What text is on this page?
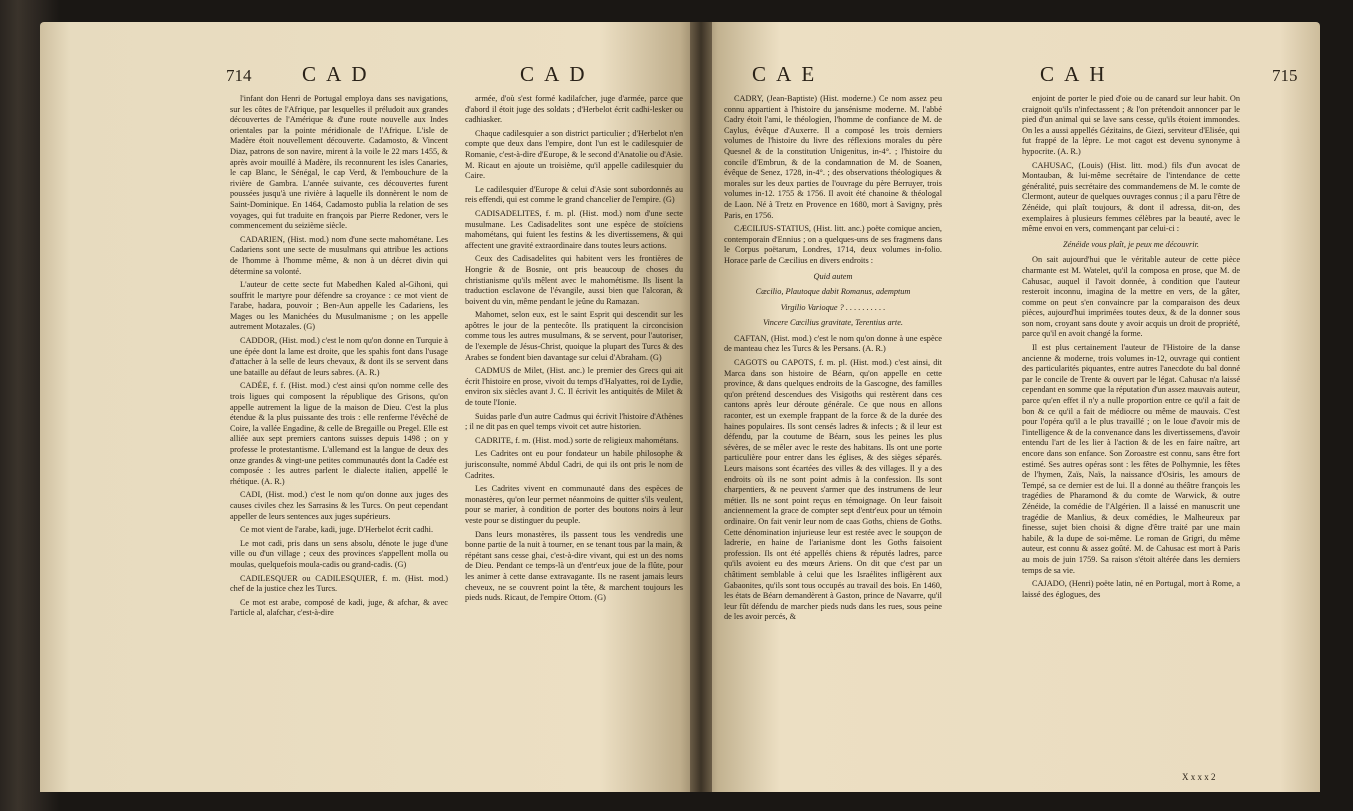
714 C A D	C A D

l'infant don Henri de Portugal employa dans ses navigations, sur les côtes de l'Afrique, par lesquelles il préludoit aux grandes découvertes de l'Amérique & d'une route nouvelle aux Indes orientales par la pointe méridionale de l'Afrique. L'isle de Madère étoit nouvellement découverte. Cadamosto, & Vincent Diaz, patrons de son navire, mirent à la voile le 22 mars 1455, & après avoir mouillé à Madère, ils reconnurent les isles Canaries, le cap Blanc, le Sénégal, le cap Verd, & l'embouchure de la rivière de Gambra. L'année suivante, ces découvertes furent poussées jusqu'à une rivière à laquelle ils donnèrent le nom de Saint-Dominique. En 1464, Cadamosto publia la relation de ses voyages, qui fut traduite en françois par Pierre Redoner, vers le commencement du seizième siècle.

CADARIEN, (Hist. mod.) nom d'une secte mahométane. Les Cadariens sont une secte de musulmans qui attribue les actions de l'homme à l'homme même, & non à un décret divin qui détermine sa volonté.

L'auteur de cette secte fut Mabedhen Kaled al-Gihoni, qui souffrit le martyre pour défendre sa croyance : ce mot vient de l'arabe, hadara, pouvoir ; Ben-Aun appelle les Cadariens, les Mages ou les Manichées du Musulmanisme ; on les appelle autrement Motazales. (G)

CADDOR, (Hist. mod.) c'est le nom qu'on donne en Turquie à une épée dont la lame est droite, que les spahis font dans l'usage d'attacher à la selle de leurs chevaux, & dont ils se servent dans une bataille au défaut de leurs sabres. (A. R.)

CADÉE, f. f. (Hist. mod.) c'est ainsi qu'on nomme celle des trois ligues qui composent la république des Grisons, qu'on appelle autrement la ligue de la maison de Dieu. C'est la plus étendue & la plus puissante des trois : elle renferme l'évêché de Coire, la vallée Engadine, & celle de Bregaille ou Pregel. Elle est alliée aux sept premiers cantons suisses depuis 1498 ; on y professe le protestantisme. L'allemand est la langue de deux des onze grandes & vingt-une petites communautés dont la Cadée est composée : les autres parlent le dialecte italien, appellé le rhétique. (A. R.)

CADI, (Hist. mod.) c'est le nom qu'on donne aux juges des causes civiles chez les Sarrasins & les Turcs. On peut cependant appeller de leurs sentences aux juges supérieurs.

Ce mot vient de l'arabe, kadi, juge. D'Herbelot écrit cadhi.

Le mot cadi, pris dans un sens absolu, dénote le juge d'une ville ou d'un village ; ceux des provinces s'appellent molla ou moulas, quelquefois moula-cadis ou grand-cadis. (G)

CADILESQUER ou CADILESQUIER, f. m. (Hist. mod.) chef de la justice chez les Turcs.

Ce mot est arabe, composé de kadi, juge, & afchar, & avec l'article al, alafchar, c'est-à-dire

armée, d'où s'est formé kadilafcher, juge d'armée, parce que d'abord il étoit juge des soldats ; d'Herbelot écrit cadhi-lesker ou cadhiasker.

Chaque cadilesquier a son district particulier ; d'Herbelot n'en compte que deux dans l'empire, dont l'un est le cadilesquier de Romanie, c'est-à-dire d'Europe, & le second d'Anatolie ou d'Asie. M. Ricaut en ajoute un troisième, qu'il appelle cadilesquier du Caire.

Le cadilesquier d'Europe & celui d'Asie sont subordonnés au reis effendi, qui est comme le grand chancelier de l'empire. (G)

CADISADELITES, f. m. pl. (Hist. mod.) nom d'une secte musulmane. Les Cadisadelites sont une espèce de stoïciens mahométans, qui fuient les festins & les divertissemens, & qui affectent une gravité extraordinaire dans toutes leurs actions.

Ceux des Cadisadelites qui habitent vers les frontières de Hongrie & de Bosnie, ont pris beaucoup de choses du christianisme qu'ils mêlent avec le mahométisme. Ils lisent la traduction esclavone de l'évangile, aussi bien que l'alcoran, & boivent du vin, même pendant le jeûne du Ramazan.

Mahomet, selon eux, est le saint Esprit qui descendit sur les apôtres le jour de la pentecôte. Ils pratiquent la circoncision comme tous les autres musulmans, & se servent, pour l'autoriser, de l'exemple de Jésus-Christ, quoique la plupart des Turcs & des Arabes se fondent bien davantage sur celui d'Abraham. (G)

CADMUS de Milet, (Hist. anc.) le premier des Grecs qui ait écrit l'histoire en prose, vivoit du temps d'Halyattes, roi de Lydie, environ six siècles avant J. C. Il écrivit les antiquités de Milet & de toute l'Ionie.

Suidas parle d'un autre Cadmus qui écrivit l'histoire d'Athènes ; il ne dit pas en quel temps vivoit cet autre historien.

CADRITE, f. m. (Hist. mod.) sorte de religieux mahométans.

Les Cadrites ont eu pour fondateur un habile philosophe & jurisconsulte, nommé Abdul Cadri, de qui ils ont pris le nom de Cadrites.

Les Cadrites vivent en communauté dans des espèces de monastères, qu'on leur permet néanmoins de quitter s'ils veulent, pour se marier, à condition de porter des boutons noirs à leur veste pour se distinguer du peuple.

Dans leurs monastères, ils passent tous les vendredis une bonne partie de la nuit à tourner, en se tenant tous par la main, & répétant sans cesse ghai, c'est-à-dire vivant, qui est un des noms de Dieu. Pendant ce temps-là un d'entr'eux joue de la flûte, pour les animer à cette danse extravagante. Ils ne rasent jamais leurs cheveux, ne se couvrent point la tête, & marchent toujours les pieds nuds. Ricaut, de l'empire Ottom. (G)

C A E	C A H	715

CADRY, (Jean-Baptiste) (Hist. moderne.) Ce nom assez peu connu appartient à l'histoire du jansénisme moderne. M. l'abbé Cadry étoit l'ami, le théologien, l'homme de confiance de M. de Caylus, évêque d'Auxerre. Il a composé les trois derniers volumes de l'histoire du livre des réflexions morales du père Quesnel & de la constitution Unigenitus, in-4°. ; l'histoire du concile d'Embrun, & de la condamnation de M. de Soanen, évêque de Senez, 1728, in-4°. ; des observations théologiques & morales sur les deux parties de l'ouvrage du père Berruyer, trois volumes in-12. 1755 & 1756. Il avoit été chanoine & théologal de Laon. Né à Tretz en Provence en 1680, mort à Savigny, près Paris, en 1756.

CÆCILIUS-STATIUS, (Hist. litt. anc.) poëte comique ancien, contemporain d'Ennius ; on a quelques-uns de ses fragmens dans le Corpus poëtarum, Londres, 1714, deux volumes in-folio. Horace parle de Cæcilius en divers endroits :

Quid autem

Cæcilio, Plautoque dabit Romanus, ademptum

Virgilio Varioque ? . . . . . . . . . .

Vincere Cæcilius gravitate, Terentius arte.

CAFTAN, (Hist. mod.) c'est le nom qu'on donne à une espèce de manteau chez les Turcs & les Persans. (A. R.)

CAGOTS ou CAPOTS, f. m. pl. (Hist. mod.) c'est ainsi, dit Marca dans son histoire de Béarn, qu'on appelle en cette province, & dans quelques endroits de la Gascogne, des familles qu'on prétend descendues des Visigoths qui restèrent dans ces cantons après leur déroute générale. Ce que nous en allons raconter, est un exemple frappant de la force & de la durée des haines populaires. Ils sont censés ladres & infects ; & il leur est défendu, par la coutume de Béarn, sous les peines les plus sévères, de se mêler avec le reste des habitans. Ils ont une porte particulière pour entrer dans les églises, & des sièges séparés. Leurs maisons sont écartées des villes & des villages. Il y a des endroits où ils ne sont point admis à la confession. Ils sont charpentiers, & ne peuvent s'armer que des instrumens de leur métier. Ils ne sont point reçus en témoignage. On leur faisoit anciennement la grace de compter sept d'entr'eux pour un témoin ordinaire. On fait venir leur nom de caas Goths, chiens de Goths. Cette dénomination injurieuse leur est restée avec le soupçon de ladrerie, en haine de l'arianisme dont les Goths faisoient profession. Ils ont été appellés chiens & réputés ladres, parce qu'ils avoient eu des mœurs Ariens. On dit que c'est par un châtiment semblable à celui que les Israélites infligèrent aux Gabaonites, qu'ils sont tous occupés au travail des bois. En 1460, les états de Béarn demandèrent à Gaston, prince de Navarre, qu'il leur fût défendu de marcher pieds nuds dans les rues, sous peine de les avoir percés, &

enjoint de porter le pied d'oie ou de canard sur leur habit. On craignoit qu'ils n'infectassent ; & l'on prétendoit annoncer par le pied d'un animal qui se lave sans cesse, qu'ils étoient immondes. On les a aussi appellés Gézitains, de Giezi, serviteur d'Elisée, qui fut frappé de la lèpre. Le mot cagot est devenu synonyme à hypocrite. (A. R.)

CAHUSAC, (Louis) (Hist. litt. mod.) fils d'un avocat de Montauban, & lui-même secrétaire de l'intendance de cette généralité, puis secrétaire des commandemens de M. le comte de Clermont, auteur de quelques ouvrages connus ; il a paru l'être de Zénéide, qui plaît toujours, & dont il adressa, dit-on, des exemplaires à plusieurs femmes célèbres par la beauté, avec le même envoi en vers, commençant par celui-ci :

Zénéide vous plaît, je peux me découvrir.

On sait aujourd'hui que le véritable auteur de cette pièce charmante est M. Watelet, qu'il la composa en prose, que M. de Cahusac, auquel il l'avoit donnée, à condition que l'auteur resteroit inconnu, imagina de la mettre en vers, de la gâter, comme on peut s'en convaincre par la comparaison des deux pièces, aujourd'hui imprimées toutes deux, & de la donner sous son nom, croyant sans doute y avoir acquis un droit de propriété, parce qu'il en avoit changé la forme.

Il est plus certainement l'auteur de l'Histoire de la danse ancienne & moderne, trois volumes in-12, ouvrage qui contient des particularités piquantes, entre autres l'anecdote du bal donné par le concile de Trente & ouvert par le légat. Cahusac n'a laissé cependant en somme que la réputation d'un assez mauvais auteur, parce qu'en effet il n'y a nulle proportion entre ce qu'il a fait de bon & ce qu'il a fait de médiocre ou même de mauvais. C'est pour l'opéra qu'il a le plus travaillé ; on le loue d'avoir mis de l'intelligence & de la convenance dans les divertissemens, d'avoir entendu l'art de les lier à l'action & de les en faire naître, art encore dans son enfance. Son Zoroastre est connu, sans être fort estimé. Ses autres opéras sont : les fêtes de Polhymnie, les fêtes de l'hymen, Zaïs, Naïs, la naissance d'Osiris, les amours de Tempé, sa ce dernier est de lui. Il a donné au théâtre françois les tragédies de Pharamond & du comte de Warwick, & outre Zénéide, la comédie de l'Algérien. Il a laissé en manuscrit une tragédie de Manlius, & deux comédies, le Malheureux par finesse, sujet bien choisi & digne d'être traité par une main habile, & la dupe de soi-même. Le roman de Grigri, du même auteur, est connu & assez goûté. M. de Cahusac est mort à Paris au mois de juin 1759. Sa raison s'étoit altérée dans les derniers temps de sa vie.

CAJADO, (Henri) poëte latin, né en Portugal, mort à Rome, a laissé des églogues, des

X x x x 2
